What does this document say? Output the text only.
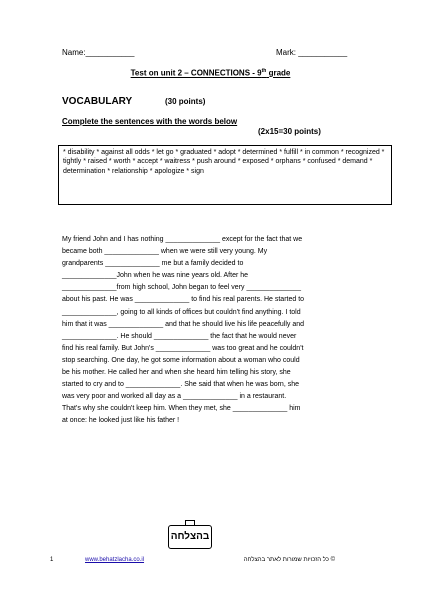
Name:___________	Mark: ___________
Test on unit 2 – CONNECTIONS - 9th grade
VOCABULARY	(30 points)
Complete the sentences with the words below
(2x15=30 points)
* disability * against all odds * let go * graduated * adopt * determined * fulfill * in common * recognized * tightly * raised * worth * accept * waitress * push around * exposed * orphans * confused * demand * determination * relationship * apologize * sign
My friend John and I has nothing ______________ except for the fact that we
became both ______________ when we were still very young. My
grandparents ______________ me but a family decided to
______________John when he was nine years old. After he
______________from high school, John began to feel very ______________
about his past. He was ______________ to find his real parents. He started to
______________, going to all kinds of offices but couldn't find anything. I told
him that it was ______________ and that he should live his life peacefully and
______________. He should ______________ the fact that he would never
find his real family. But John's ______________ was too great and he couldn't
stop searching. One day, he got some information about a woman who could
be his mother. He called her and when she heard him telling his story, she
started to cry and to ______________. She said that when he was born, she
was very poor and worked all day as a ______________ in a restaurant.
That's why she couldn't keep him. When they met, she ______________ him
at once: he looked just like his father !
בהצלחה
1	www.behatzlacha.co.il	© כל הזכויות שמורות לאתר בהצלחה
